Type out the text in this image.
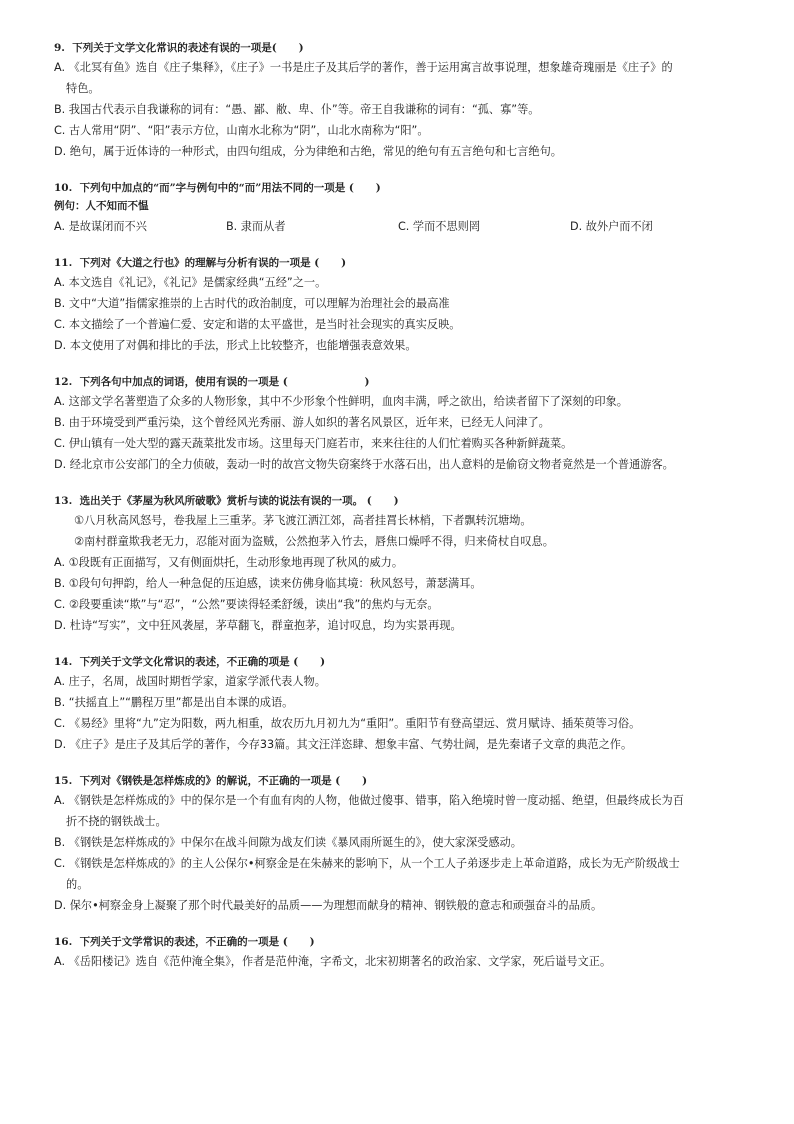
9.  下列关于文学文化常识的表述有误的一项是(      )
A. 《北冥有鱼》选自《庄子集释》，《庄子》一书是庄子及其后学的著作，善于运用寓言故事说理，想象雄奇瑰丽是《庄子》的
特色。
B. 我国古代表示自我谦称的词有：“愚、鄙、敝、卑、仆”等。帝王自我谦称的词有：“孤、寡”等。
C. 古人常用“阴”、“阳”表示方位，山南水北称为“阴”，山北水南称为“阳”。
D. 绝句，属于近体诗的一种形式，由四句组成，分为律绝和古绝，常见的绝句有五言绝句和七言绝句。
10.  下列句中加点的“而”字与例句中的“而”用法不同的一项是 (      )
例句：人不知而不愠
A. 是故谋闭而不兴	B. 隶而从者	C. 学而不思则罔	D. 故外户而不闭
11.  下列对《大道之行也》的理解与分析有误的一项是 (      )
A. 本文选自《礼记》，《礼记》是儒家经典“五经”之一。
B. 文中“大道”指儒家推崇的上古时代的政治制度，可以理解为治理社会的最高准
C. 本文描绘了一个普遍仁爱、安定和谐的太平盛世，是当时社会现实的真实反映。
D. 本文使用了对偶和排比的手法，形式上比较整齐，也能增强表意效果。
12.  下列各句中加点的词语，使用有误的一项是 (                     )
A. 这部文学名著塑造了众多的人物形象，其中不少形象个性鲜明，血肉丰满，呼之欲出，给读者留下了深刻的印象。
B. 由于环境受到严重污染，这个曾经风光秀丽、游人如织的著名风景区，近年来，已经无人问津了。
C. 伊山镇有一处大型的露天蔬菜批发市场。这里每天门庭若市，来来往往的人们忙着购买各种新鲜蔬菜。
D. 经北京市公安部门的全力侦破，轰动一时的故宫文物失窃案终于水落石出，出人意料的是偷窃文物者竟然是一个普通游客。
13.  选出关于《茅屋为秋风所破歌》赏析与读的说法有误的一项。 (      )
①八月秋高风怒号，卷我屋上三重茅。茅飞渡江洒江郊，高者挂罥长林梢，下者飘转沉塘坳。
②南村群童欺我老无力，忍能对面为盗贼，公然抱茅入竹去，唇焦口燥呼不得，归来倚杖自叹息。
A. ①段既有正面描写，又有侧面烘托，生动形象地再现了秋风的威力。
B. ①段句句押韵，给人一种急促的压迫感，读来仿佛身临其境：秋风怒号，萧瑟满耳。
C. ②段要重读“欺”与“忍”，“公然”要读得轻柔舒缓，读出“我”的焦灼与无奈。
D. 杜诗“写实”，文中狂风袭屋，茅草翻飞，群童抱茅，追讨叹息，均为实景再现。
14.  下列关于文学文化常识的表述，不正确的项是 (      )
A. 庄子，名周，战国时期哲学家，道家学派代表人物。
B. “扶摇直上”“鹏程万里”都是出自本课的成语。
C. 《易经》里将“九”定为阳数，两九相重，故农历九月初九为“重阳”。重阳节有登高望远、赏月赋诗、插茱萸等习俗。
D. 《庄子》是庄子及其后学的著作，今存33篇。其文汪洋恣肆、想象丰富、气势壮阔，是先秦诸子文章的典范之作。
15.  下列对《钢铁是怎样炼成的》的解说，不正确的一项是 (      )
A. 《钢铁是怎样炼成的》中的保尔是一个有血有肉的人物，他做过傻事、错事，陷入绝境时曾一度动摇、绝望，但最终成长为百
折不挠的钢铁战士。
B. 《钢铁是怎样炼成的》中保尔在战斗间隙为战友们读《暴风雨所诞生的》，使大家深受感动。
C. 《钢铁是怎样炼成的》的主人公保尔•柯察金是在朱赫来的影响下，从一个工人子弟逐步走上革命道路，成长为无产阶级战士
的。
D. 保尔•柯察金身上凝聚了那个时代最美好的品质——为理想而献身的精神、钢铁般的意志和顽强奋斗的品质。
16.  下列关于文学常识的表述，不正确的一项是 (      )
A. 《岳阳楼记》选自《范仲淹全集》，作者是范仲淹，字希文，北宋初期著名的政治家、文学家，死后谥号文正。
